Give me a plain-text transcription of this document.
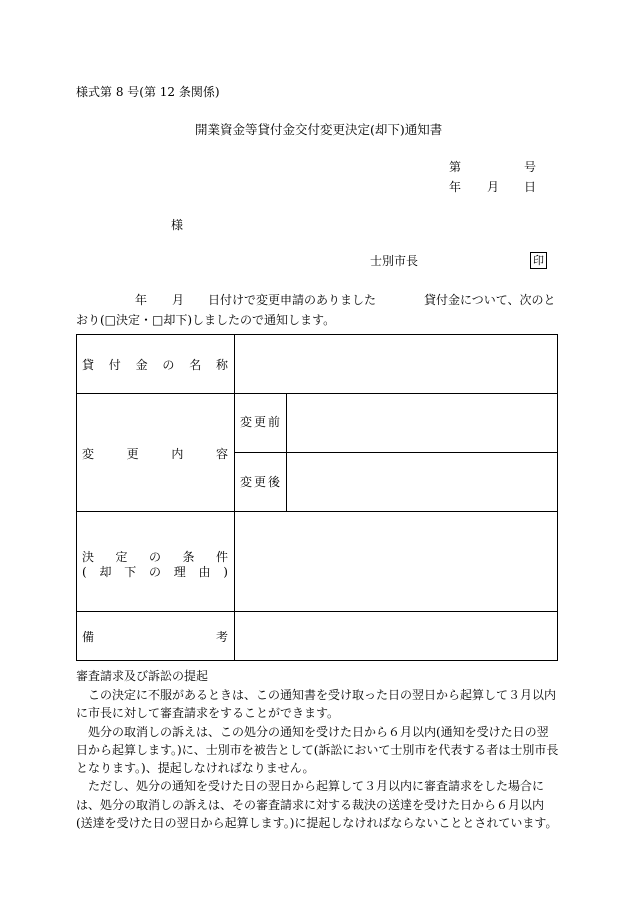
様式第 8 号(第 12 条関係)
開業資金等貸付金交付変更決定(却下)通知書
第	号
年 月 日
様
士別市長	印
年 月 日付けで変更申請のありました	貸付金について、次のと
おり(□決定・□却下)しましたので通知します。
貸 付 金 の 名 称
変	更	内	容
変更前
変更後
決 定 の 条 件
( 却 下 の 理 由 )
備	考
審査請求及び訴訟の提起

この決定に不服があるときは、この通知書を受け取った日の翌日から起算して３月以内に市長に対して審査請求をすることができます。

処分の取消しの訴えは、この処分の通知を受けた日から６月以内(通知を受けた日の翌日から起算します。)に、士別市を被告として(訴訟において士別市を代表する者は士別市長となります。)、提起しなければなりません。

ただし、処分の通知を受けた日の翌日から起算して３月以内に審査請求をした場合には、処分の取消しの訴えは、その審査請求に対する裁決の送達を受けた日から６月以内(送達を受けた日の翌日から起算します。)に提起しなければならないこととされています。
